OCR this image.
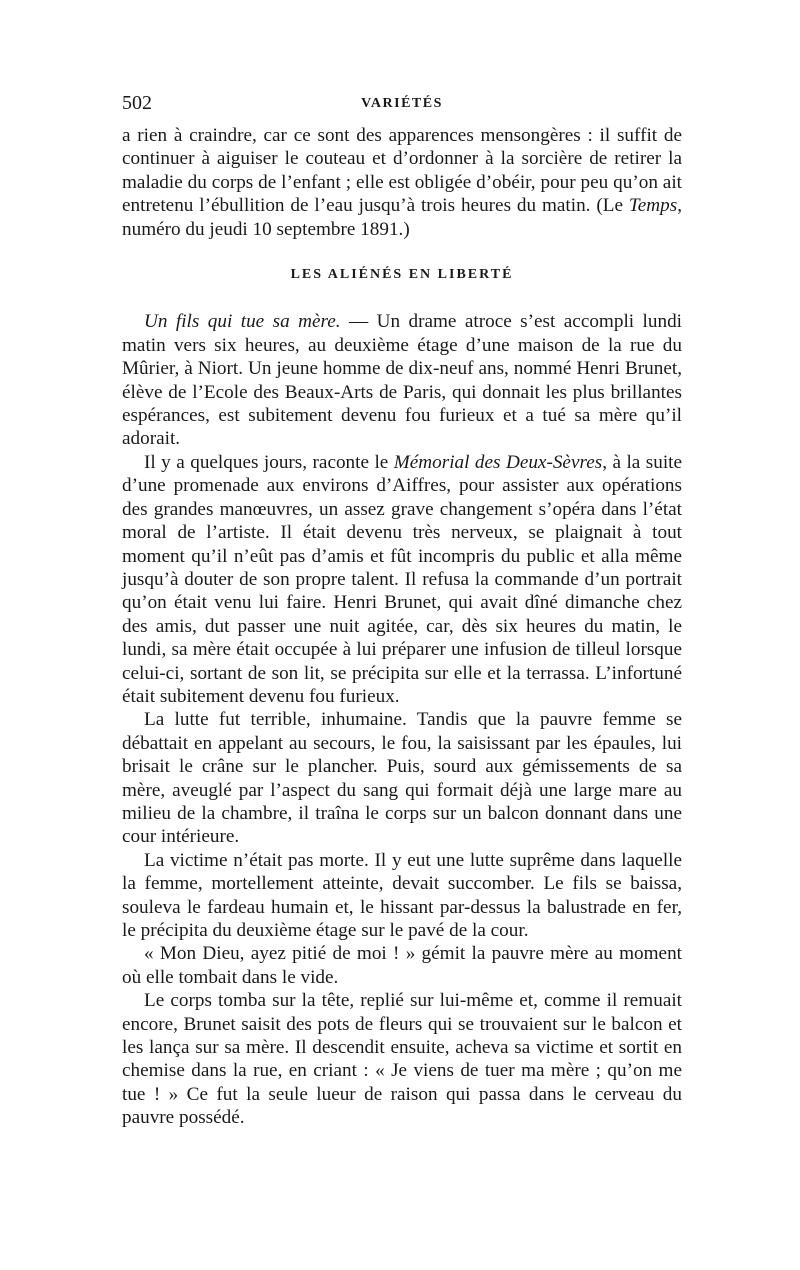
502	VARIÉTÉS

a rien à craindre, car ce sont des apparences mensongères : il suffit de continuer à aiguiser le couteau et d’ordonner à la sorcière de retirer la maladie du corps de l’enfant ; elle est obligée d’obéir, pour peu qu’on ait entretenu l’ébullition de l’eau jusqu’à trois heures du matin. (Le Temps, numéro du jeudi 10 septembre 1891.)

LES ALIÉNÉS EN LIBERTÉ

Un fils qui tue sa mère. — Un drame atroce s’est accompli lundi matin vers six heures, au deuxième étage d’une maison de la rue du Mûrier, à Niort. Un jeune homme de dix-neuf ans, nommé Henri Brunet, élève de l’Ecole des Beaux-Arts de Paris, qui donnait les plus brillantes espérances, est subitement devenu fou furieux et a tué sa mère qu’il adorait.

Il y a quelques jours, raconte le Mémorial des Deux-Sèvres, à la suite d’une promenade aux environs d’Aiffres, pour assister aux opérations des grandes manœuvres, un assez grave changement s’opéra dans l’état moral de l’artiste. Il était devenu très nerveux, se plaignait à tout moment qu’il n’eût pas d’amis et fût incompris du public et alla même jusqu’à douter de son propre talent. Il refusa la commande d’un portrait qu’on était venu lui faire. Henri Brunet, qui avait dîné dimanche chez des amis, dut passer une nuit agitée, car, dès six heures du matin, le lundi, sa mère était occupée à lui préparer une infusion de tilleul lorsque celui-ci, sortant de son lit, se précipita sur elle et la terrassa. L’infortuné était subitement devenu fou furieux.

La lutte fut terrible, inhumaine. Tandis que la pauvre femme se débattait en appelant au secours, le fou, la saisissant par les épaules, lui brisait le crâne sur le plancher. Puis, sourd aux gémissements de sa mère, aveuglé par l’aspect du sang qui formait déjà une large mare au milieu de la chambre, il traîna le corps sur un balcon donnant dans une cour intérieure.

La victime n’était pas morte. Il y eut une lutte suprême dans laquelle la femme, mortellement atteinte, devait succomber. Le fils se baissa, souleva le fardeau humain et, le hissant par-dessus la balustrade en fer, le précipita du deuxième étage sur le pavé de la cour.

« Mon Dieu, ayez pitié de moi ! » gémit la pauvre mère au moment où elle tombait dans le vide.

Le corps tomba sur la tête, replié sur lui-même et, comme il remuait encore, Brunet saisit des pots de fleurs qui se trouvaient sur le balcon et les lança sur sa mère. Il descendit ensuite, acheva sa victime et sortit en chemise dans la rue, en criant : « Je viens de tuer ma mère ; qu’on me tue ! » Ce fut la seule lueur de raison qui passa dans le cerveau du pauvre possédé.
